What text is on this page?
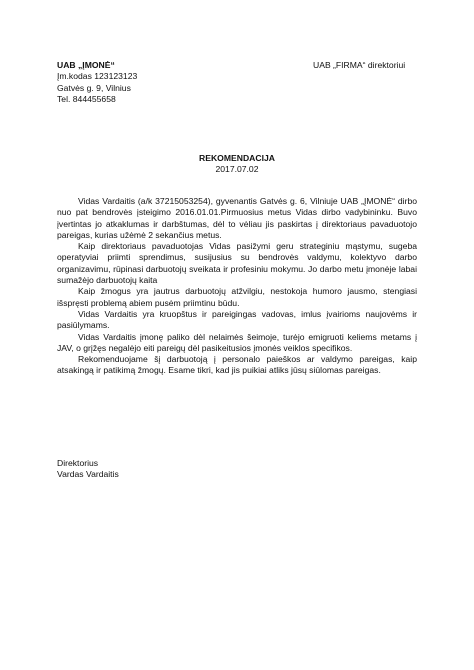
UAB „ĮMONĖ“
Įm.kodas 123123123
Gatvės g. 9, Vilnius
Tel. 844455658
UAB „FIRMA“ direktoriui
REKOMENDACIJA
2017.07.02

Vidas Vardaitis (a/k 37215053254), gyvenantis Gatvės g. 6, Vilniuje UAB „ĮMONĖ“ dirbo nuo pat bendrovės įsteigimo 2016.01.01.Pirmuosius metus Vidas dirbo vadybininku. Buvo įvertintas jo atkaklumas ir darbštumas, dėl to vėliau jis paskirtas į direktoriaus pavaduotojo pareigas, kurias užėmė 2 sekančius metus.

Kaip direktoriaus pavaduotojas Vidas pasižymi geru strateginiu mąstymu, sugeba operatyviai priimti sprendimus, susijusius su bendrovės valdymu, kolektyvo darbo organizavimu, rūpinasi darbuotojų sveikata ir profesiniu mokymu. Jo darbo metu įmonėje labai sumažėjo darbuotojų kaita

Kaip žmogus yra jautrus darbuotojų atžvilgiu, nestokoja humoro jausmo, stengiasi išspręsti problemą abiem pusėm priimtinu būdu.

Vidas Vardaitis yra kruopštus ir pareigingas vadovas, imlus įvairioms naujovėms ir pasiūlymams.

Vidas Vardaitis įmonę paliko dėl nelaimės šeimoje, turėjo emigruoti keliems metams į JAV, o grįžęs negalėjo eiti pareigų dėl pasikeitusios įmonės veiklos specifikos.

Rekomenduojame šį darbuotoją į personalo paieškos ar valdymo pareigas, kaip atsakingą ir patikimą žmogų. Esame tikri, kad jis puikiai atliks jūsų siūlomas pareigas.

Direktorius
Vardas Vardaitis
